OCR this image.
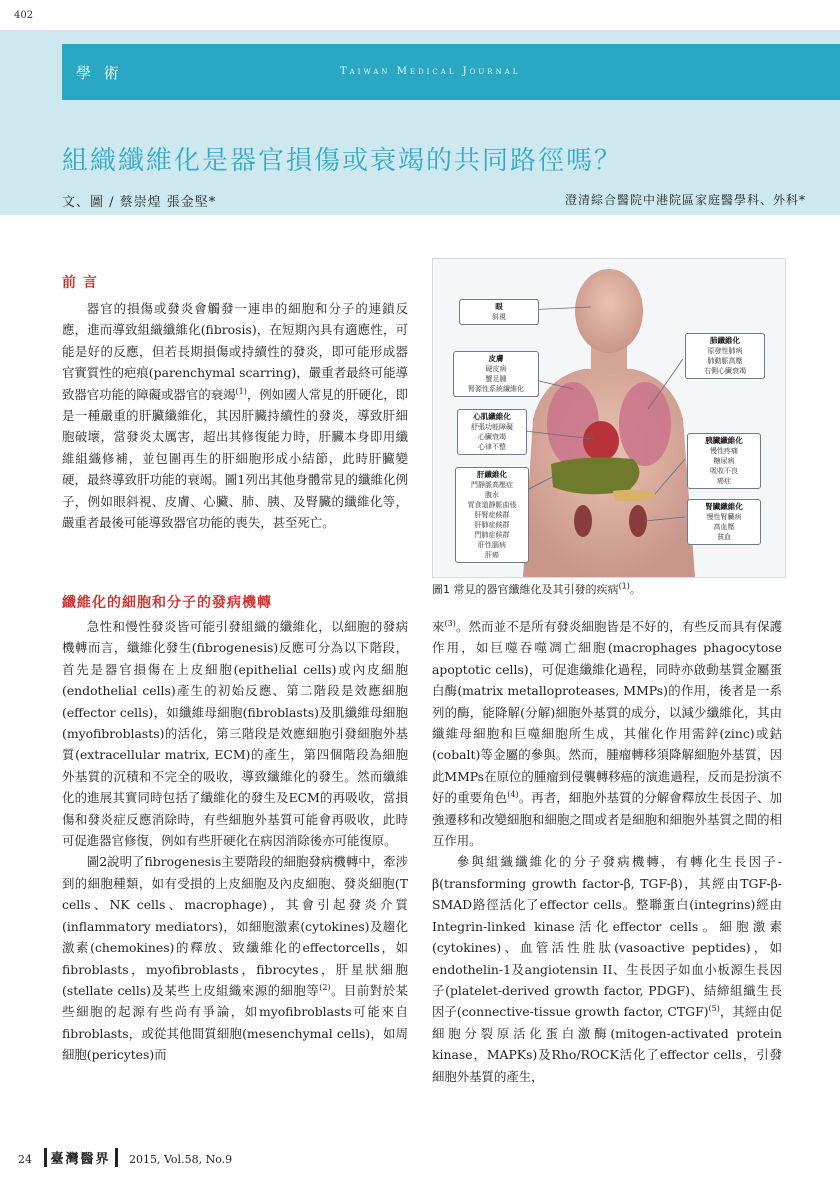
402
學 術	Taiwan Medical Journal
組織纖維化是器官損傷或衰竭的共同路徑嗎？
文、圖 / 蔡崇煌 張金堅*	澄清綜合醫院中港院區家庭醫學科、外科*
前 言

器官的損傷或發炎會觸發一連串的細胞和分子的連鎖反應，進而導致組織纖維化(fibrosis)，在短期內具有適應性，可能是好的反應，但若長期損傷或持續性的發炎，即可能形成器官實質性的疤痕(parenchymal scarring)，嚴重者最終可能導致器官功能的障礙或器官的衰竭$^{(1)}$，例如國人常見的肝硬化，即是一種嚴重的肝臟纖維化，其因肝臟持續性的發炎，導致肝細胞破壞，當發炎太厲害，超出其修復能力時，肝臟本身即用纖維組織修補，並包圍再生的肝細胞形成小結節，此時肝臟變硬，最終導致肝功能的衰竭。圖1列出其他身體常見的纖維化例子，例如眼斜視、皮膚、心臟、肺、胰、及腎臟的纖維化等，嚴重者最後可能導致器官功能的喪失，甚至死亡。

纖維化的細胞和分子的發病機轉

急性和慢性發炎皆可能引發組織的纖維化，以細胞的發病機轉而言，纖維化發生(fibrogenesis)反應可分為以下階段，首先是器官損傷在上皮細胞(epithelial cells)或內皮細胞(endothelial cells)產生的初始反應、第二階段是效應細胞(effector cells)，如纖維母細胞(fibroblasts)及肌纖維母細胞(myofibroblasts)的活化，第三階段是效應細胞引發細胞外基質(extracellular matrix, ECM)的產生，第四個階段為細胞外基質的沉積和不完全的吸收，導致纖維化的發生。然而纖維化的進展其實同時包括了纖維化的發生及ECM的再吸收，當損傷和發炎症反應消除時，有些細胞外基質可能會再吸收，此時可促進器官修復，例如有些肝硬化在病因消除後亦可能復原。

圖2說明了fibrogenesis主要階段的細胞發病機轉中，牽涉到的細胞種類，如有受損的上皮細胞及內皮細胞、發炎細胞(T cells、NK cells、macrophage)，其會引起發炎介質(inflammatory mediators)，如細胞激素(cytokines)及趨化激素(chemokines)的釋放、致纖維化的effectorcells，如fibroblasts，myofibroblasts，fibrocytes，肝星狀細胞(stellate cells)及某些上皮組織來源的細胞等$^{(2)}$。目前對於某些細胞的起源有些尚有爭論，如myofibroblasts可能來自fibroblasts，或從其他間質細胞(mesenchymal cells)，如周細胞(pericytes)而

眼
斜視
皮膚
硬皮病
蟹足腫
腎源性系統纖維化
心肌纖維化
舒張功能障礙
心臟衰竭
心律不整
肝纖維化
門靜脈高壓症
腹水
胃食道靜脈曲張
肝腎症候群
肝肺症候群
門肺症候群
肝性腦病
肝癌
肺纖維化
原發性肺病
肺動脈高壓
右側心臟衰竭
胰臟纖維化
慢性疼痛
糖尿病
吸收不良
癌症
腎臟纖維化
慢性腎臟病
高血壓
貧血
圖1 常見的器官纖維化及其引發的疾病$^{(1)}$。

來$^{(3)}$。然而並不是所有發炎細胞皆是不好的，有些反而具有保護作用，如巨噬吞噬凋亡細胞(macrophages phagocytose apoptotic cells)，可促進纖維化過程，同時亦啟動基質金屬蛋白酶(matrix metalloproteases, MMPs)的作用，後者是一系列的酶，能降解(分解)細胞外基質的成分，以減少纖維化，其由纖維母細胞和巨噬細胞所生成，其催化作用需鋅(zinc)或鈷(cobalt)等金屬的參與。然而，腫瘤轉移須降解細胞外基質，因此MMPs在原位的腫瘤到侵襲轉移癌的演進過程，反而是扮演不好的重要角色$^{(4)}$。再者，細胞外基質的分解會釋放生長因子、加強遷移和改變細胞和細胞之間或者是細胞和細胞外基質之間的相互作用。

參與組織纖維化的分子發病機轉，有轉化生長因子-β(transforming growth factor-β, TGF-β)，其經由TGF-β-SMAD路徑活化了effector cells。整聯蛋白(integrins)經由Integrin-linked kinase活化effector cells。細胞激素(cytokines)、血管活性胜肽(vasoactive peptides)，如endothelin-1及angiotensin II、生長因子如血小板源生長因子(platelet-derived growth factor, PDGF)、結締組織生長因子(connective-tissue growth factor, CTGF)$^{(5)}$，其經由促細胞分裂原活化蛋白激酶(mitogen-activated protein kinase，MAPKs)及Rho/ROCK活化了effector cells，引發細胞外基質的產生，

24 臺灣醫界 2015, Vol.58, No.9
